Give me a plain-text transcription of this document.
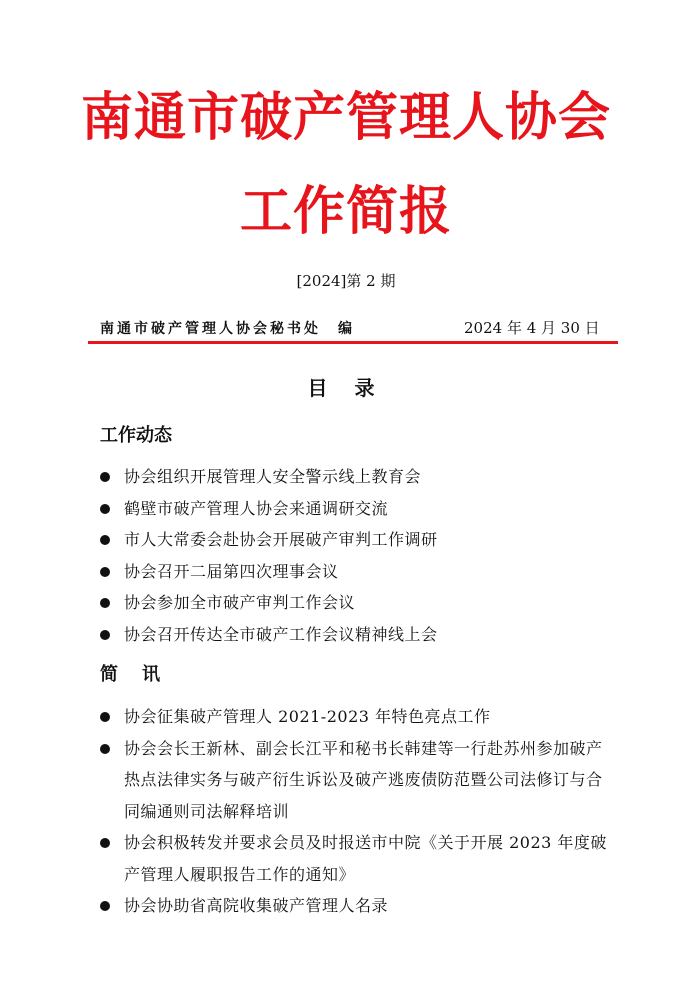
南通市破产管理人协会
工作简报
[2024]第 2 期
南通市破产管理人协会秘书处　编	2024 年 4 月 30 日
目 录
工作动态
协会组织开展管理人安全警示线上教育会
鹤壁市破产管理人协会来通调研交流
市人大常委会赴协会开展破产审判工作调研
协会召开二届第四次理事会议
协会参加全市破产审判工作会议
协会召开传达全市破产工作会议精神线上会
简讯
协会征集破产管理人 2021-2023 年特色亮点工作
协会会长王新林、副会长江平和秘书长韩建等一行赴苏州参加破产热点法律实务与破产衍生诉讼及破产逃废债防范暨公司法修订与合同编通则司法解释培训
协会积极转发并要求会员及时报送市中院《关于开展 2023 年度破产管理人履职报告工作的通知》
协会协助省高院收集破产管理人名录
